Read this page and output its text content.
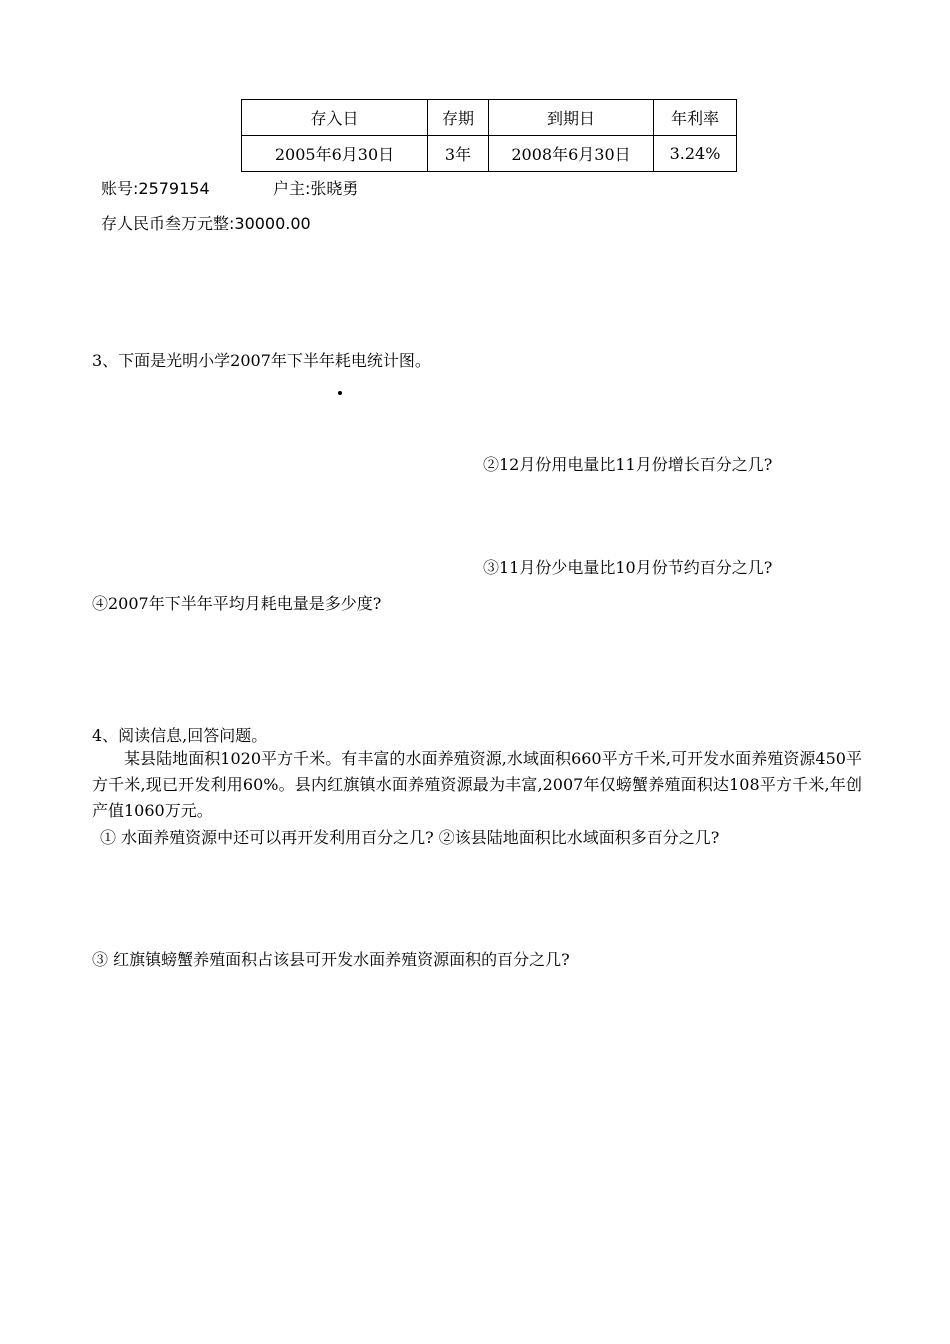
存入日	存期	到期日	年利率
2005年6月30日	3年	2008年6月30日	3.24%
账号:2579154	户主:张晓勇
存人民币叁万元整:30000.00
3、下面是光明小学2007年下半年耗电统计图。
②12月份用电量比11月份增长百分之几?
③11月份少电量比10月份节约百分之几?
④2007年下半年平均月耗电量是多少度?
4、阅读信息,回答问题。
某县陆地面积1020平方千米。有丰富的水面养殖资源,水域面积660平方千米,可开发水面养殖资源450平方千米,现已开发利用60%。县内红旗镇水面养殖资源最为丰富,2007年仅螃蟹养殖面积达108平方千米,年创产值1060万元。
① 水面养殖资源中还可以再开发利用百分之几? ②该县陆地面积比水域面积多百分之几?
③ 红旗镇螃蟹养殖面积占该县可开发水面养殖资源面积的百分之几?
